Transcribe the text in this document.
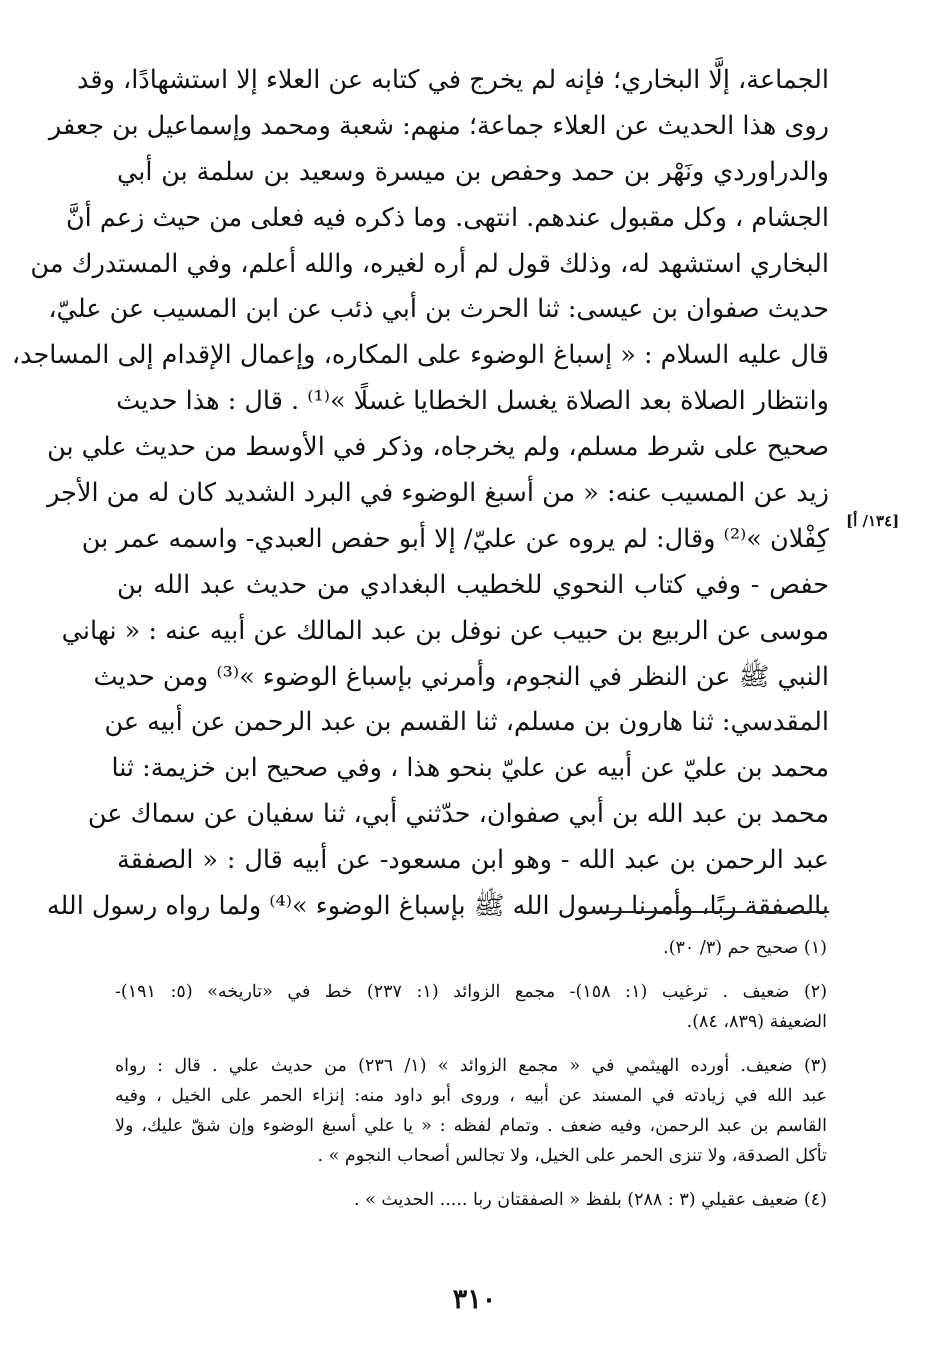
الجماعة، إلَّا البخاري؛ فإنه لم يخرج في كتابه عن العلاء إلا استشهادًا، وقد
روى هذا الحديث عن العلاء جماعة؛ منهم: شعبة ومحمد وإسماعيل بن جعفر
والدراوردي ونَهْر بن حمد وحفص بن ميسرة وسعيد بن سلمة بن أبي
الجشام ، وكل مقبول عندهم. انتهى. وما ذكره فيه فعلى من حيث زعم أنَّ
البخاري استشهد له، وذلك قول لم أره لغيره، والله أعلم، وفي المستدرك من
حديث صفوان بن عيسى: ثنا الحرث بن أبي ذئب عن ابن المسيب عن عليّ،
قال عليه السلام : « إسباغ الوضوء على المكاره، وإعمال الإقدام إلى المساجد،
وانتظار الصلاة بعد الصلاة يغسل الخطايا غسلًا »⁽¹⁾ . قال : هذا حديث
صحيح على شرط مسلم، ولم يخرجاه، وذكر في الأوسط من حديث علي بن
زيد عن المسيب عنه: « من أسبغ الوضوء في البرد الشديد كان له من الأجر
كِفْلان »⁽²⁾ وقال: لم يروه عن عليّ/ إلا أبو حفص العبدي- واسمه عمر بن
حفص - وفي كتاب النحوي للخطيب البغدادي من حديث عبد الله بن
موسى عن الربيع بن حبيب عن نوفل بن عبد المالك عن أبيه عنه : « نهاني
النبي ﷺ عن النظر في النجوم، وأمرني بإسباغ الوضوء »⁽³⁾ ومن حديث
المقدسي: ثنا هارون بن مسلم، ثنا القسم بن عبد الرحمن عن أبيه عن
محمد بن عليّ عن أبيه عن عليّ بنحو هذا ، وفي صحيح ابن خزيمة: ثنا
محمد بن عبد الله بن أبي صفوان، حدّثني أبي، ثنا سفيان عن سماك عن
عبد الرحمن بن عبد الله - وهو ابن مسعود- عن أبيه قال : « الصفقة
بالصفقة ربًا، وأمرنا رسول الله ﷺ بإسباغ الوضوء »⁽⁴⁾ ولما رواه رسول الله
[١٣٤/ أ]
(١) صحيح حم (٣/ ٣٠).
(٢) ضعيف . ترغيب (١: ١٥٨)- مجمع الزوائد (١: ٢٣٧) خط في «تاريخه» (٥: ١٩١)-
الضعيفة (٨٣٩، ٨٤).
(٣) ضعيف. أورده الهيثمي في « مجمع الزوائد » (١/ ٢٣٦) من حديث علي . قال : رواه
عبد الله في زيادته في المسند عن أبيه ، وروى أبو داود منه: إنزاء الحمر على الخيل ، وفيه
القاسم بن عبد الرحمن، وفيه ضعف . وتمام لفظه : « يا علي أسبغ الوضوء وإن شقّ عليك، ولا
تأكل الصدقة، ولا تنزى الحمر على الخيل، ولا تجالس أصحاب النجوم » .
(٤) ضعيف عقيلي (٣ : ٢٨٨) بلفظ « الصفقتان ربا ..... الحديث » .
٣١٠
